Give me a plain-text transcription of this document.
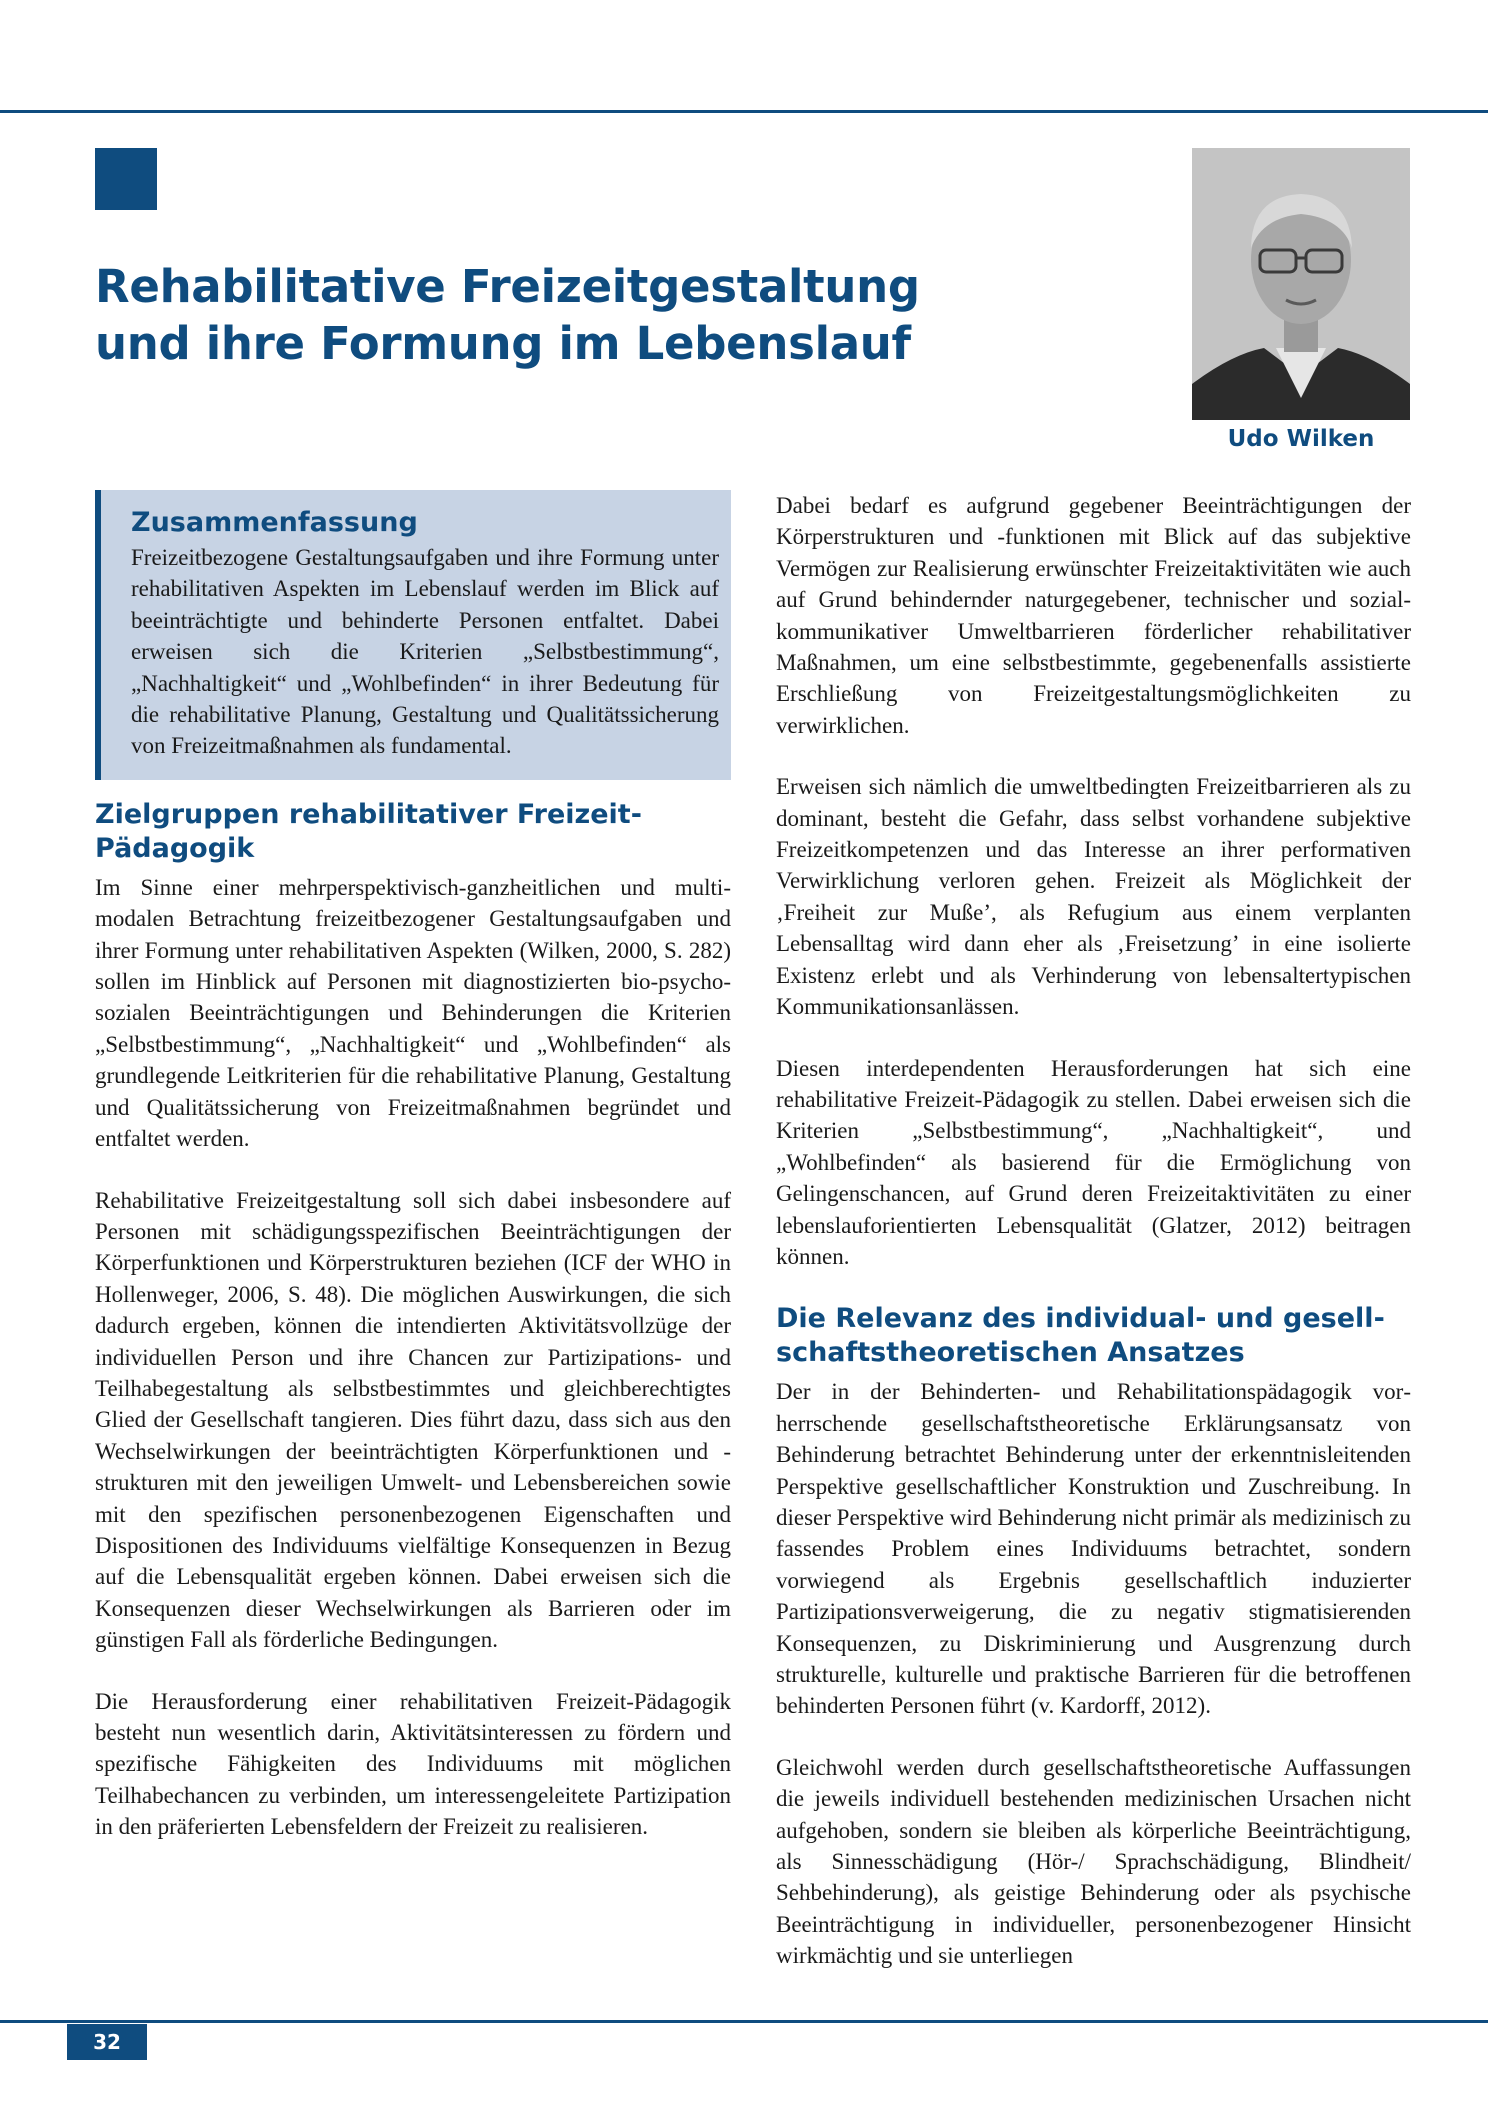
Rehabilitative Freizeitgestaltung
und ihre Formung im Lebenslauf

Udo Wilken

Zusammenfassung

Freizeitbezogene Gestaltungsaufgaben und ihre Formung unter rehabilitativen Aspekten im Lebenslauf werden im Blick auf beeinträchtigte und behinderte Personen entfaltet. Dabei erweisen sich die Kriterien „Selbstbestimmung“, „Nachhaltigkeit“ und „Wohlbefinden“ in ihrer Bedeutung für die rehabilitative Planung, Gestaltung und Qualitätssicherung von Freizeitmaßnahmen als fundamental.

Zielgruppen rehabilitativer Freizeit-Pädagogik

Im Sinne einer mehrperspektivisch-ganzheitlichen und multimodalen Betrachtung freizeitbezogener Gestaltungsaufgaben und ihrer Formung unter rehabilitativen Aspekten (Wilken, 2000, S. 282) sollen im Hinblick auf Personen mit diagnostizierten bio-psycho-sozialen Beeinträchtigungen und Behinderungen die Kriterien „Selbstbestimmung“, „Nachhaltigkeit“ und „Wohlbefinden“ als grundlegende Leitkriterien für die rehabilitative Planung, Gestaltung und Qualitätssicherung von Freizeitmaßnahmen begründet und entfaltet werden.

Rehabilitative Freizeitgestaltung soll sich dabei insbesondere auf Personen mit schädigungsspezifischen Beeinträchtigungen der Körperfunktionen und Körperstrukturen beziehen (ICF der WHO in Hollenweger, 2006, S. 48). Die möglichen Auswirkungen, die sich dadurch ergeben, können die intendierten Aktivitätsvollzüge der individuellen Person und ihre Chancen zur Partizipations- und Teilhabegestaltung als selbstbestimmtes und gleichberechtigtes Glied der Gesellschaft tangieren. Dies führt dazu, dass sich aus den Wechselwirkungen der beeinträchtigten Körperfunktionen und -strukturen mit den jeweiligen Umwelt- und Lebensbereichen sowie mit den spezifischen personenbezogenen Eigenschaften und Dispositionen des Individuums vielfältige Konsequenzen in Bezug auf die Lebensqualität ergeben können. Dabei erweisen sich die Konsequenzen dieser Wechselwirkungen als Barrieren oder im günstigen Fall als förderliche Bedingungen.

Die Herausforderung einer rehabilitativen Freizeit-Pädagogik besteht nun wesentlich darin, Aktivitätsinteressen zu fördern und spezifische Fähigkeiten des Individuums mit möglichen Teilhabechancen zu verbinden, um interessengeleitete Partizipation in den präferierten Lebensfeldern der Freizeit zu realisieren.

Dabei bedarf es aufgrund gegebener Beeinträchtigungen der Körperstrukturen und -funktionen mit Blick auf das subjektive Vermögen zur Realisierung erwünschter Freizeitaktivitäten wie auch auf Grund behindernder naturgegebener, technischer und sozial-kommunikativer Umweltbarrieren förderlicher rehabilitativer Maßnahmen, um eine selbstbestimmte, gegebenenfalls assistierte Erschließung von Freizeitgestaltungsmöglichkeiten zu verwirklichen.

Erweisen sich nämlich die umweltbedingten Freizeitbarrieren als zu dominant, besteht die Gefahr, dass selbst vorhandene subjektive Freizeitkompetenzen und das Interesse an ihrer performativen Verwirklichung verloren gehen. Freizeit als Möglichkeit der ‚Freiheit zur Muße’, als Refugium aus einem verplanten Lebensalltag wird dann eher als ‚Freisetzung’ in eine isolierte Existenz erlebt und als Verhinderung von lebensaltertypischen Kommunikationsanlässen.

Diesen interdependenten Herausforderungen hat sich eine rehabilitative Freizeit-Pädagogik zu stellen. Dabei erweisen sich die Kriterien „Selbstbestimmung“, „Nachhaltigkeit“, und „Wohlbefinden“ als basierend für die Ermöglichung von Gelingenschancen, auf Grund deren Freizeitaktivitäten zu einer lebenslauforientierten Lebensqualität (Glatzer, 2012) beitragen können.

Die Relevanz des individual- und gesellschaftstheoretischen Ansatzes

Der in der Behinderten- und Rehabilitationspädagogik vorherrschende gesellschaftstheoretische Erklärungsansatz von Behinderung betrachtet Behinderung unter der erkenntnisleitenden Perspektive gesellschaftlicher Konstruktion und Zuschreibung. In dieser Perspektive wird Behinderung nicht primär als medizinisch zu fassendes Problem eines Individuums betrachtet, sondern vorwiegend als Ergebnis gesellschaftlich induzierter Partizipationsverweigerung, die zu negativ stigmatisierenden Konsequenzen, zu Diskriminierung und Ausgrenzung durch strukturelle, kulturelle und praktische Barrieren für die betroffenen behinderten Personen führt (v. Kardorff, 2012).

Gleichwohl werden durch gesellschaftstheoretische Auffassungen die jeweils individuell bestehenden medizinischen Ursachen nicht aufgehoben, sondern sie bleiben als körperliche Beeinträchtigung, als Sinnesschädigung (Hör-/ Sprachschädigung, Blindheit/ Sehbehinderung), als geistige Behinderung oder als psychische Beeinträchtigung in individueller, personenbezogener Hinsicht wirkmächtig und sie unterliegen

32
